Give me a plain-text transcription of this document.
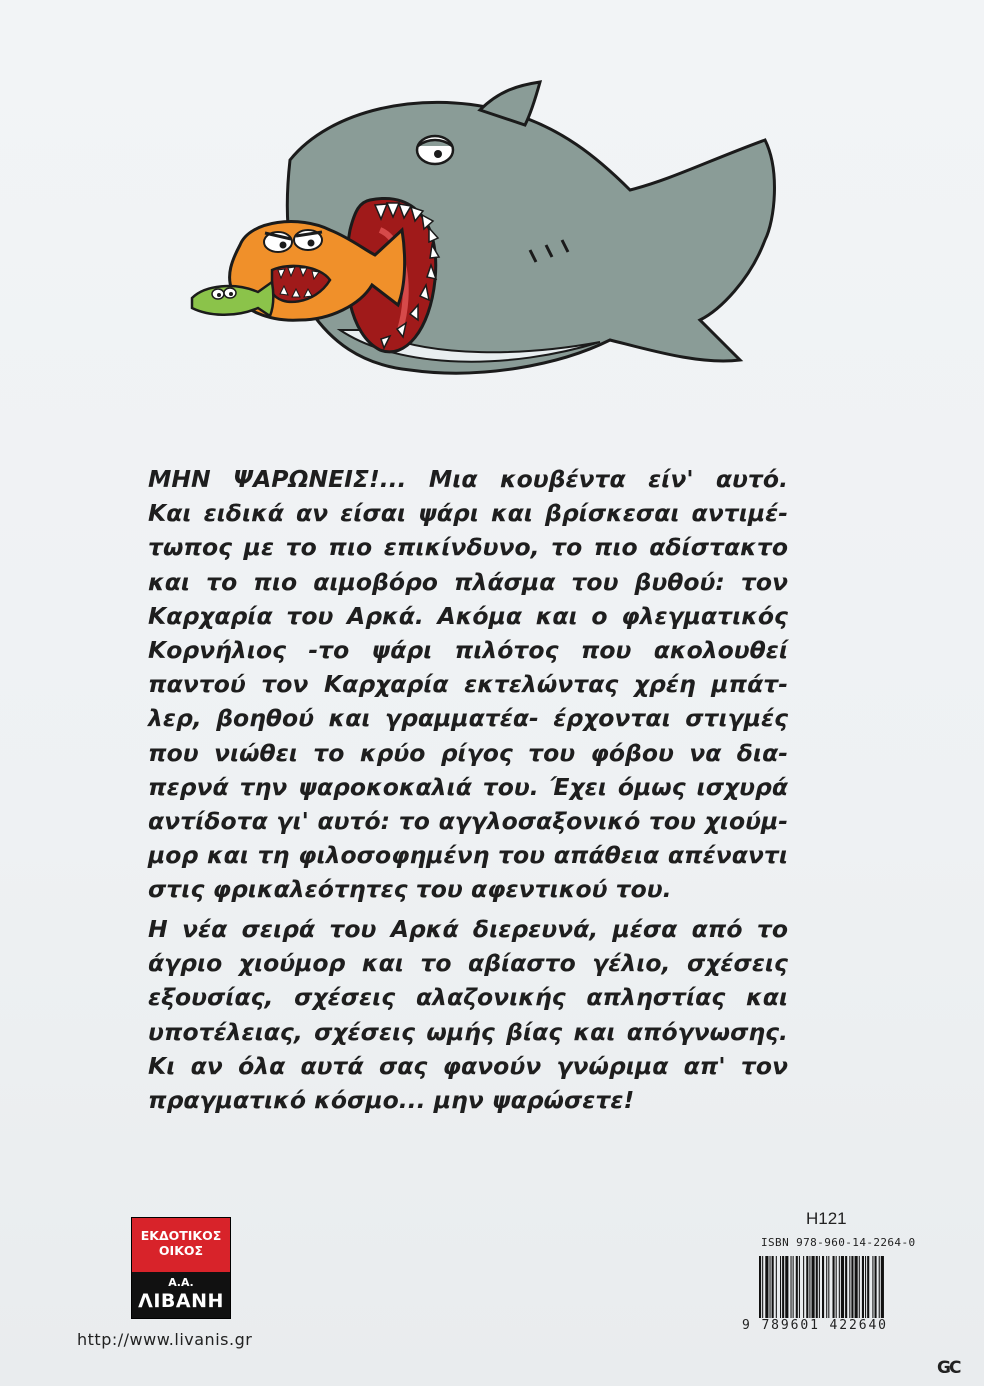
ΜΗΝ ΨΑΡΩΝΕΙΣ!... Μια κουβέντα είν' αυτό.
Και ειδικά αν είσαι ψάρι και βρίσκεσαι αντιμέ-
τωπος με το πιο επικίνδυνο, το πιο αδίστακτο
και το πιο αιμοβόρο πλάσμα του βυθού: τον
Καρχαρία του Αρκά. Ακόμα και ο φλεγματικός
Κορνήλιος -το ψάρι πιλότος που ακολουθεί
παντού τον Καρχαρία εκτελώντας χρέη μπάτ-
λερ, βοηθού και γραμματέα- έρχονται στιγμές
που νιώθει το κρύο ρίγος του φόβου να δια-
περνά την ψαροκοκαλιά του. Έχει όμως ισχυρά
αντίδοτα γι' αυτό: το αγγλοσαξονικό του χιούμ-
μορ και τη φιλοσοφημένη του απάθεια απέναντι
στις φρικαλεότητες του αφεντικού του.
Η νέα σειρά του Αρκά διερευνά, μέσα από το
άγριο χιούμορ και το αβίαστο γέλιο, σχέσεις
εξουσίας, σχέσεις αλαζονικής απληστίας και
υποτέλειας, σχέσεις ωμής βίας και απόγνωσης.
Κι αν όλα αυτά σας φανούν γνώριμα απ' τον
πραγματικό κόσμο... μην ψαρώσετε!
ΕΚΔΟΤΙΚΟΣ
ΟΙΚΟΣ
Α.Α.
ΛΙΒΑΝΗ
http://www.livanis.gr
H121
ISBN 978-960-14-2264-0
9 789601 422640
GC
